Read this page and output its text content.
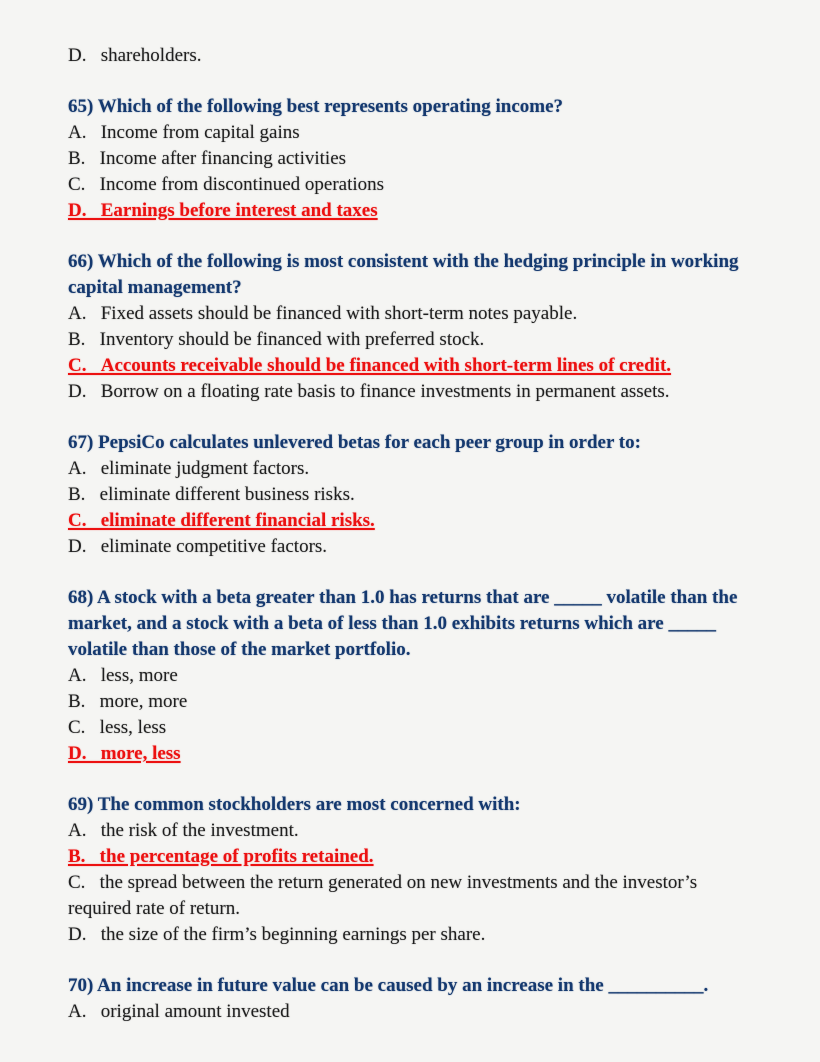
D.   shareholders.

65) Which of the following best represents operating income?

A.   Income from capital gains

B.   Income after financing activities

C.   Income from discontinued operations

D.   Earnings before interest and taxes

66) Which of the following is most consistent with the hedging principle in working capital management?

A.   Fixed assets should be financed with short-term notes payable.

B.   Inventory should be financed with preferred stock.

C.   Accounts receivable should be financed with short-term lines of credit.

D.   Borrow on a floating rate basis to finance investments in permanent assets.

67) PepsiCo calculates unlevered betas for each peer group in order to:

A.   eliminate judgment factors.

B.   eliminate different business risks.

C.   eliminate different financial risks.

D.   eliminate competitive factors.

68) A stock with a beta greater than 1.0 has returns that are _____ volatile than the market, and a stock with a beta of less than 1.0 exhibits returns which are _____ volatile than those of the market portfolio.

A.   less, more

B.   more, more

C.   less, less

D.   more, less

69) The common stockholders are most concerned with:

A.   the risk of the investment.

B.   the percentage of profits retained.

C.   the spread between the return generated on new investments and the investor’s required rate of return.

D.   the size of the firm’s beginning earnings per share.

70) An increase in future value can be caused by an increase in the __________.

A.   original amount invested
